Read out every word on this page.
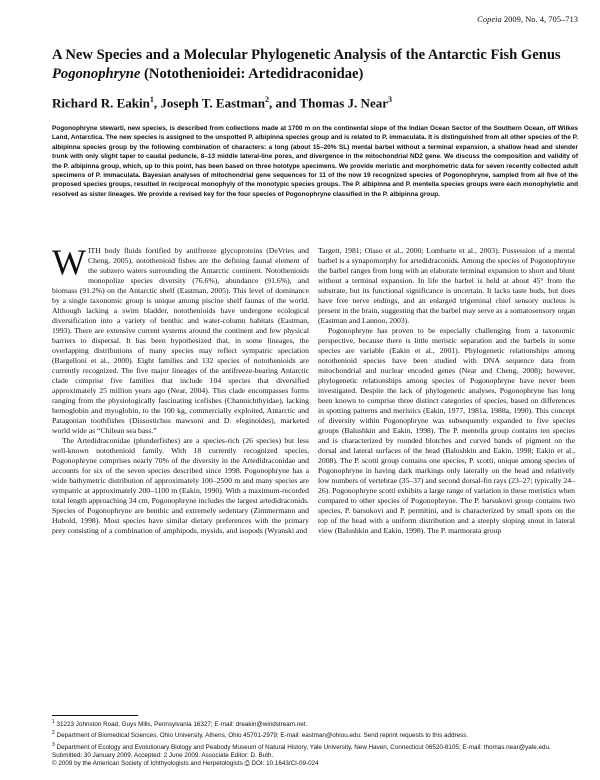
Copeia 2009, No. 4, 705–713
A New Species and a Molecular Phylogenetic Analysis of the Antarctic Fish Genus Pogonophryne (Notothenioidei: Artedidraconidae)
Richard R. Eakin$^1$, Joseph T. Eastman$^2$, and Thomas J. Near$^3$
Pogonophryne stewarti, new species, is described from collections made at 1700 m on the continental slope of the Indian Ocean Sector of the Southern Ocean, off Wilkes Land, Antarctica. The new species is assigned to the unspotted P. albipinna species group and is related to P. immaculata. It is distinguished from all other species of the P. albipinna species group by the following combination of characters: a long (about 15–20% SL) mental barbel without a terminal expansion, a shallow head and slender trunk with only slight taper to caudal peduncle, 8–13 middle lateral-line pores, and divergence in the mitochondrial ND2 gene. We discuss the composition and validity of the P. albipinna group, which, up to this point, has been based on three holotype specimens. We provide meristic and morphometric data for seven recently collected adult specimens of P. immaculata. Bayesian analyses of mitochondrial gene sequences for 11 of the now 19 recognized species of Pogonophryne, sampled from all five of the proposed species groups, resulted in reciprocal monophyly of the monotypic species groups. The P. albipinna and P. mentella species groups were each monophyletic and resolved as sister lineages. We provide a revised key for the four species of Pogonophryne classified in the P. albipinna group.

WITH body fluids fortified by antifreeze glycoproteins (DeVries and Cheng, 2005), notothenioid fishes are the defining faunal element of the subzero waters surrounding the Antarctic continent. Notothenioids monopolize species diversity (76.6%), abundance (91.6%), and biomass (91.2%) on the Antarctic shelf (Eastman, 2005). This level of dominance by a single taxonomic group is unique among piscine shelf faunas of the world. Although lacking a swim bladder, notothenioids have undergone ecological diversification into a variety of benthic and water-column habitats (Eastman, 1993). There are extensive current systems around the continent and few physical barriers to dispersal. It has been hypothesized that, in some lineages, the overlapping distributions of many species may reflect sympatric speciation (Bargelloni et al., 2000). Eight families and 132 species of notothenioids are currently recognized. The five major lineages of the antifreeze-bearing Antarctic clade comprise five families that include 104 species that diversified approximately 25 million years ago (Near, 2004). This clade encompasses forms ranging from the physiologically fascinating icefishes (Channichthyidae), lacking hemoglobin and myoglobin, to the 100 kg, commercially exploited, Antarctic and Patagonian toothfishes (Dissostichus mawsoni and D. eleginoides), marketed world wide as “Chilean sea bass.”

The Artedidraconidae (plunderfishes) are a species-rich (26 species) but less well-known notothenioid family. With 18 currently recognized species, Pogonophryne comprises nearly 70% of the diversity in the Artedidraconidae and accounts for six of the seven species described since 1998. Pogonophryne has a wide bathymetric distribution of approximately 100–2500 m and many species are sympatric at approximately 200–1100 m (Eakin, 1990). With a maximum-recorded total length approaching 34 cm, Pogonophryne includes the largest artedidraconids. Species of Pogonophryne are benthic and extremely sedentary (Zimmermann and Hubold, 1998). Most species have similar dietary preferences with the primary prey consisting of a combination of amphipods, mysids, and isopods (Wyanski and

Targett, 1981; Olaso et al., 2000; Lombarte et al., 2003). Possession of a mental barbel is a synapomorphy for artedidraconids. Among the species of Pogonophryne the barbel ranges from long with an elaborate terminal expansion to short and blunt without a terminal expansion. In life the barbel is held at about 45° from the substrate, but its functional significance is uncertain. It lacks taste buds, but does have free nerve endings, and an enlarged trigeminal chief sensory nucleus is present in the brain, suggesting that the barbel may serve as a somatosensory organ (Eastman and Lannoo, 2003).

Pogonophryne has proven to be especially challenging from a taxonomic perspective, because there is little meristic separation and the barbels in some species are variable (Eakin et al., 2001). Phylogenetic relationships among notothenioid species have been studied with DNA sequence data from mitochondrial and nuclear encoded genes (Near and Cheng, 2008); however, phylogenetic relationships among species of Pogonophryne have never been investigated. Despite the lack of phylogenetic analyses, Pogonophryne has long been known to comprise three distinct categories of species, based on differences in spotting patterns and meristics (Eakin, 1977, 1981a, 1988a, 1990). This concept of diversity within Pogonophryne was subsequently expanded to five species groups (Balushkin and Eakin, 1998). The P. mentella group contains ten species and is characterized by rounded blotches and curved bands of pigment on the dorsal and lateral surfaces of the head (Balushkin and Eakin, 1998; Eakin et al., 2008). The P. scotti group contains one species, P. scotti, unique among species of Pogonophryne in having dark markings only laterally on the head and relatively low numbers of vertebrae (35–37) and second dorsal-fin rays (23–27; typically 24–26). Pogonophryne scotti exhibits a large range of variation in these meristics when compared to other species of Pogonophryne. The P. barsukovi group contains two species, P. barsukovi and P. permitini, and is characterized by small spots on the top of the head with a uniform distribution and a steeply sloping snout in lateral view (Balushkin and Eakin, 1998). The P. marmorata group

$^1$ 31223 Johnston Road, Guys Mills, Pennsylvania 16327; E-mail: dreakin@windstream.net.
$^2$ Department of Biomedical Sciences, Ohio University, Athens, Ohio 45701-2979; E-mail: eastman@ohiou.edu. Send reprint requests to this address.
$^3$ Department of Ecology and Evolutionary Biology and Peabody Museum of Natural History, Yale University, New Haven, Connecticut 06520-8105; E-mail: thomas.near@yale.edu.
Submitted: 30 January 2009. Accepted: 2 June 2009. Associate Editor: D. Buth.
© 2009 by the American Society of Ichthyologists and Herpetologists ⎙ DOI: 10.1643/CI-09-024
